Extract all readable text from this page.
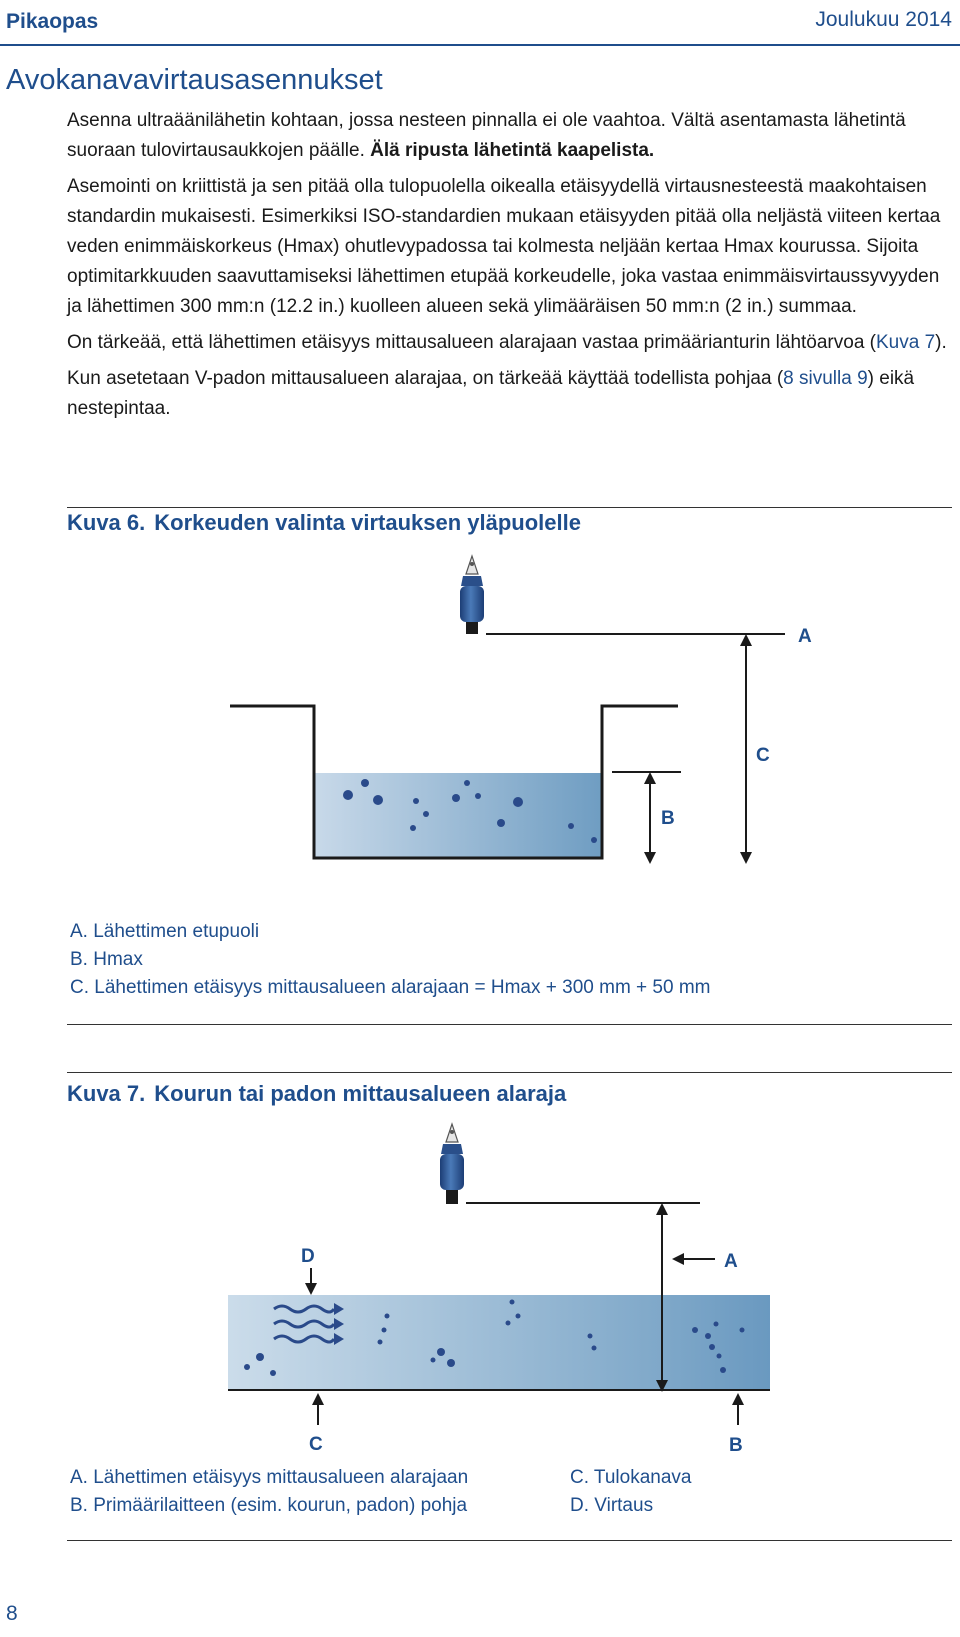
Pikaopas	Joulukuu 2014
Avokanavavirtausasennukset

Asenna ultraäänilähetin kohtaan, jossa nesteen pinnalla ei ole vaahtoa. Vältä asentamasta lähetintä suoraan tulovirtausaukkojen päälle. Älä ripusta lähetintä kaapelista.

Asemointi on kriittistä ja sen pitää olla tulopuolella oikealla etäisyydellä virtausnesteestä maakohtaisen standardin mukaisesti. Esimerkiksi ISO-standardien mukaan etäisyyden pitää olla neljästä viiteen kertaa veden enimmäiskorkeus (Hmax) ohutlevypadossa tai kolmesta neljään kertaa Hmax kourussa. Sijoita optimitarkkuuden saavuttamiseksi lähettimen etupää korkeudelle, joka vastaa enimmäisvirtaussyvyyden ja lähettimen 300 mm:n (12.2 in.) kuolleen alueen sekä ylimääräisen 50 mm:n (2 in.) summaa.

On tärkeää, että lähettimen etäisyys mittausalueen alarajaan vastaa primäärianturin lähtöarvoa (Kuva 7).

Kun asetetaan V-padon mittausalueen alarajaa, on tärkeää käyttää todellista pohjaa (8 sivulla 9) eikä nestepintaa.

Kuva 6. Korkeuden valinta virtauksen yläpuolelle
A
B
C
A. Lähettimen etupuoli
B. Hmax
C. Lähettimen etäisyys mittausalueen alarajaan = Hmax + 300 mm + 50 mm
Kuva 7. Kourun tai padon mittausalueen alaraja
A
D
C	B
A. Lähettimen etäisyys mittausalueen alarajaan
B. Primäärilaitteen (esim. kourun, padon) pohja
C. Tulokanava
D. Virtaus
8
